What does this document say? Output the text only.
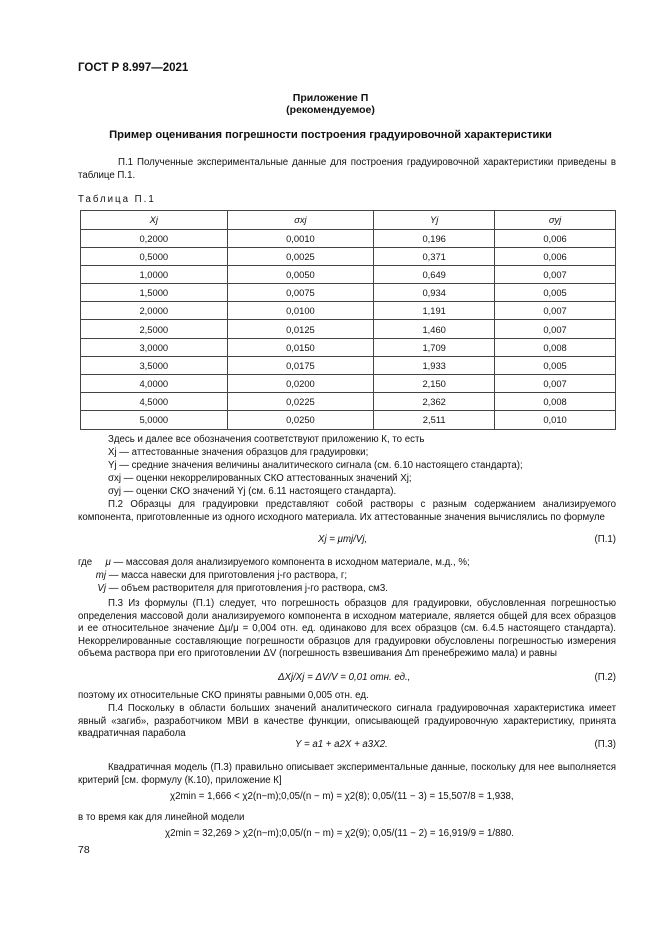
ГОСТ Р 8.997—2021
Приложение П
(рекомендуемое)
Пример оценивания погрешности построения градуировочной характеристики
П.1 Полученные экспериментальные данные для построения градуировочной характеристики приведены в таблице П.1.
Таблица П.1
Xj	σxj	Yj	σyj
0,2000	0,0010	0,196	0,006
0,5000	0,0025	0,371	0,006
1,0000	0,0050	0,649	0,007
1,5000	0,0075	0,934	0,005
2,0000	0,0100	1,191	0,007
2,5000	0,0125	1,460	0,007
3,0000	0,0150	1,709	0,008
3,5000	0,0175	1,933	0,005
4,0000	0,0200	2,150	0,007
4,5000	0,0225	2,362	0,008
5,0000	0,0250	2,511	0,010
Здесь и далее все обозначения соответствуют приложению К, то есть
Xj — аттестованные значения образцов для градуировки;
Yj — средние значения величины аналитического сигнала (см. 6.10 настоящего стандарта);
σxj — оценки некоррелированных СКО аттестованных значений Xj;
σyj — оценки СКО значений Yj (см. 6.11 настоящего стандарта).
П.2 Образцы для градуировки представляют собой растворы с разным содержанием анализируемого компонента, приготовленные из одного исходного материала. Их аттестованные значения вычислялись по формуле
Xj = μmj/Vj,	(П.1)
где μ — массовая доля анализируемого компонента в исходном материале, м.д., %;
mj — масса навески для приготовления j-го раствора, г;
Vj — объем растворителя для приготовления j-го раствора, см3.
П.3 Из формулы (П.1) следует, что погрешность образцов для градуировки, обусловленная погрешностью определения массовой доли анализируемого компонента в исходном материале, является общей для всех образцов и ее относительное значение Δμ/μ = 0,004 отн. ед. одинаково для всех образцов (см. 6.4.5 настоящего стандарта). Некоррелированные составляющие погрешности образцов для градуировки обусловлены погрешностью измерения объема раствора при его приготовлении ΔV (погрешность взвешивания Δm пренебрежимо мала) и равны
ΔXj/Xj = ΔV/V = 0,01 отн. ед.,	(П.2)
поэтому их относительные СКО приняты равными 0,005 отн. ед.
П.4 Поскольку в области больших значений аналитического сигнала градуировочная характеристика имеет явный «загиб», разработчиком МВИ в качестве функции, описывающей градуировочную характеристику, принята квадратичная парабола
Y = a1 + a2X + a3X2.	(П.3)
Квадратичная модель (П.3) правильно описывает экспериментальные данные, поскольку для нее выполняется критерий [см. формулу (К.10), приложение К]
χ2min = 1,666 < χ2(n−m);0,05/(n − m) = χ2(8); 0,05/(11 − 3) = 15,507/8 = 1,938,
в то время как для линейной модели
χ2min = 32,269 > χ2(n−m);0,05/(n − m) = χ2(9); 0,05/(11 − 2) = 16,919/9 = 1/880.
78
